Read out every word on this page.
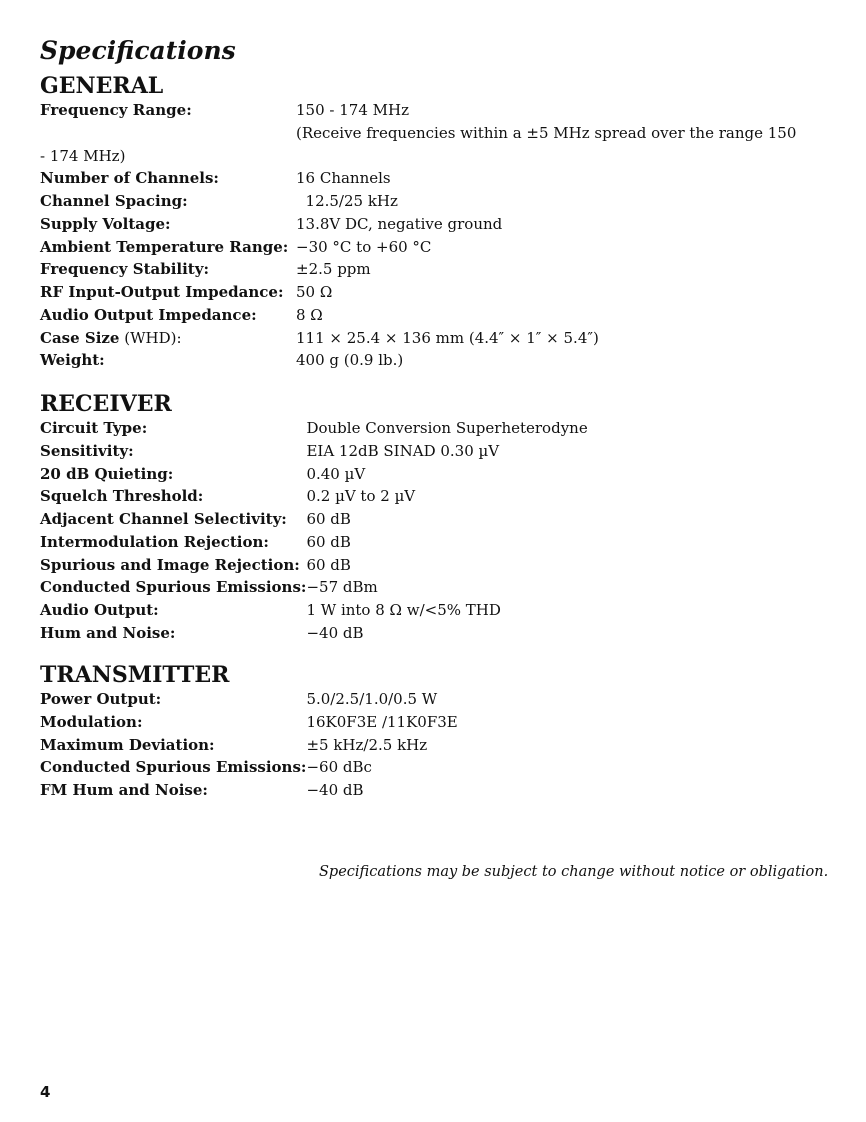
Specifications
GENERAL
Frequency Range:	150 - 174 MHz

(Receive frequencies within a ±5 MHz spread over the range 150 - 174 MHz)

Number of Channels:	16 Channels
Channel Spacing:	12.5/25 kHz
Supply Voltage:	13.8V DC, negative ground
Ambient Temperature Range:	−30 °C to +60 °C
Frequency Stability:	±2.5 ppm
RF Input-Output Impedance:	50 Ω
Audio Output Impedance:	8 Ω
Case Size (WHD):	111 × 25.4 × 136 mm (4.4″ × 1″ × 5.4″)
Weight:	400 g (0.9 lb.)
RECEIVER
Circuit Type:	Double Conversion Superheterodyne
Sensitivity:	EIA 12dB SINAD 0.30 µV
20 dB Quieting:	0.40 µV
Squelch Threshold:	0.2 µV to 2 µV
Adjacent Channel Selectivity:	60 dB
Intermodulation Rejection:	60 dB
Spurious and Image Rejection:	60 dB
Conducted Spurious Emissions:	−57 dBm
Audio Output:	1 W into 8 Ω w/<5% THD
Hum and Noise:	−40 dB
TRANSMITTER
Power Output:	5.0/2.5/1.0/0.5 W
Modulation:	16K0F3E /11K0F3E
Maximum Deviation:	±5 kHz/2.5 kHz
Conducted Spurious Emissions:	−60 dBc
FM Hum and Noise:	−40 dB

Specifications may be subject to change without notice or obligation.

4
